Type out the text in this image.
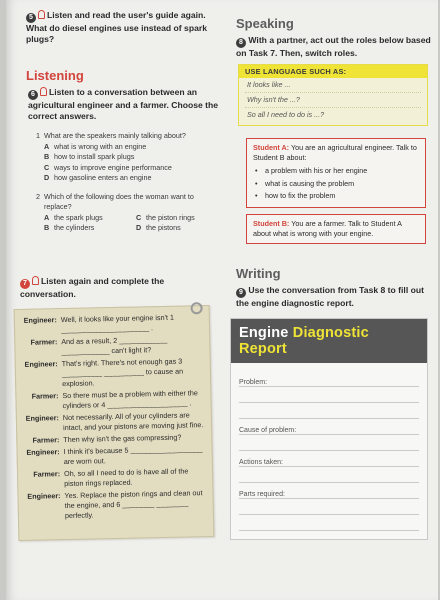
5 Listen and read the user's guide again. What do diesel engines use instead of spark plugs?
Listening
6 Listen to a conversation between an agricultural engineer and a farmer. Choose the correct answers.
1 What are the speakers mainly talking about?
A what is wrong with an engine
B how to install spark plugs
C ways to improve engine performance
D how gasoline enters an engine
2
Which of the following does the woman want to replace?
A the spark plugs	C the piston rings
B the cylinders	D the pistons
7 Listen again and complete the conversation.
Engineer: Well, it looks like your engine isn't 1 ______________________ .
Farmer: And as a result, 2 ____________ ____________ can't light it?
Engineer: That's right. There's not enough gas 3 __________ __________ to cause an explosion.
Farmer: So there must be a problem with either the cylinders or 4 ____________________ .
Engineer: Not necessarily. All of your cylinders are intact, and your pistons are moving just fine.
Farmer: Then why isn't the gas compressing?
Engineer: I think it's because 5 __________________ are worn out.
Farmer: Oh, so all I need to do is have all of the piston rings replaced.
Engineer: Yes. Replace the piston rings and clean out the engine, and 6 ________ ________ perfectly.
Speaking
8 With a partner, act out the roles below based on Task 7. Then, switch roles.
USE LANGUAGE SUCH AS:
It looks like ...
Why isn't the ...?
So all I need to do is ...?
Student A: You are an agricultural engineer. Talk to Student B about:
• a problem with his or her engine
• what is causing the problem
• how to fix the problem
Student B: You are a farmer. Talk to Student A about what is wrong with your engine.
Writing
9 Use the conversation from Task 8 to fill out the engine diagnostic report.
Engine Diagnostic Report
Problem:
Cause of problem:
Actions taken:
Parts required:
